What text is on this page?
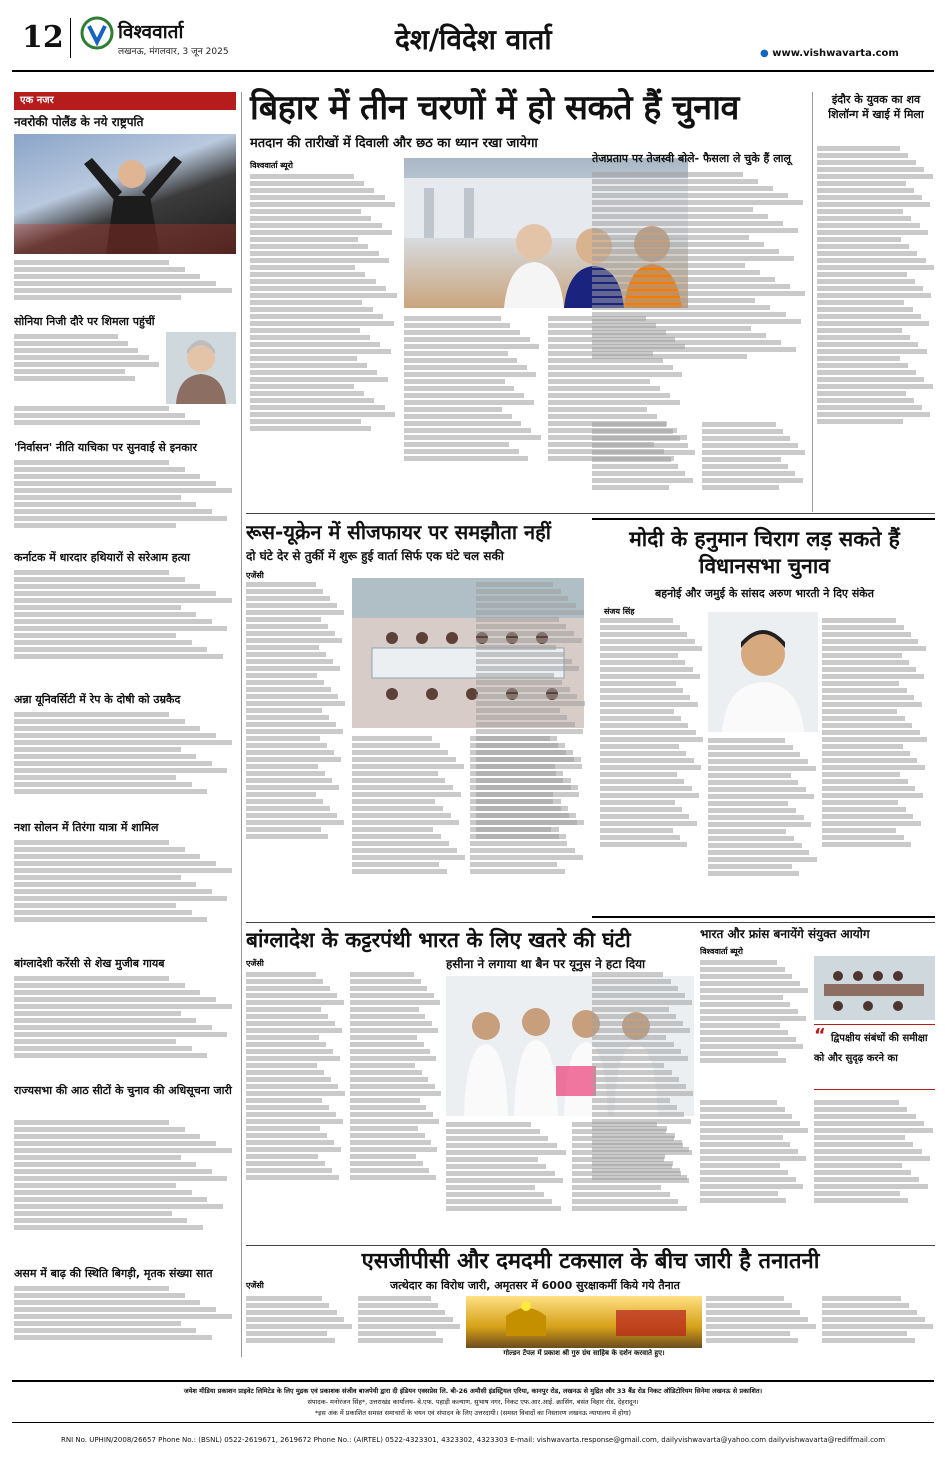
12	विश्ववार्ता
लखनऊ, मंगलवार, 3 जून 2025	देश/विदेश वार्ता	● www.vishwavarta.com
एक नजर
नवरोकी पोलैंड के नये राष्ट्रपति
सोनिया निजी दौरे पर शिमला पहुंचीं
'निर्वासन' नीति याचिका पर सुनवाई से इनकार
कर्नाटक में धारदार हथियारों से सरेआम हत्या
अन्ना यूनिवर्सिटी में रेप के दोषी को उम्रकैद
नशा सोलन में तिरंगा यात्रा में शामिल
बांग्लादेशी करेंसी से शेख मुजीब गायब
राज्यसभा की आठ सीटों के चुनाव की अधिसूचना जारी
असम में बाढ़ की स्थिति बिगड़ी, मृतक संख्या सात
बिहार में तीन चरणों में हो सकते हैं चुनाव
मतदान की तारीखों में दिवाली और छठ का ध्यान रखा जायेगा
विश्ववार्ता ब्यूरो
तेजप्रताप पर तेजस्वी बोले- फैसला ले चुके हैं लालू
इंदौर के युवक का शव शिलॉन्ग में खाई में मिला
रूस-यूक्रेन में सीजफायर पर समझौता नहीं
दो घंटे देर से तुर्की में शुरू हुई वार्ता सिर्फ एक घंटे चल सकी
एजेंसी
मोदी के हनुमान चिराग लड़ सकते हैं विधानसभा चुनाव
बहनोई और जमुई के सांसद अरुण भारती ने दिए संकेत
संजय सिंह
बांग्लादेश के कट्टरपंथी भारत के लिए खतरे की घंटी
हसीना ने लगाया था बैन पर यूनुस ने हटा दिया
एजेंसी
भारत और फ्रांस बनायेंगे संयुक्त आयोग
विश्ववार्ता ब्यूरो
“ द्विपक्षीय संबंधों की समीक्षा को और सुदृढ़ करने का
एसजीपीसी और दमदमी टकसाल के बीच जारी है तनातनी
जत्थेदार का विरोध जारी, अमृतसर में 6000 सुरक्षाकर्मी किये गये तैनात
एजेंसी
गोल्डन टेंपल में प्रकाश श्री गुरु ग्रंथ साहिब के दर्शन करवाते हुए।
जयेश मीडिया प्रकाशन प्राइवेट लिमिटेड के लिए मुद्रक एवं प्रकाशक संजीव बाजपेयी द्वारा दी इंडियन एक्सप्रेस लि. बी-26 अमौसी इंडस्ट्रियल एरिया, कानपुर रोड, लखनऊ से मुद्रित और 33 बैंड रोड निकट ऑडिटोरियम सिनेमा लखनऊ से प्रकाशित।
संपादक- मनोरंजन सिंह*, उत्तराखंड कार्यालय- बे.एफ. पहाड़ी कल्याण, सुभाष नगर, निकट एफ.आर.आई. क्रासिंग, बसंत विहार रोड, देहरादून।
*इस अंक में प्रकाशित समस्त समाचारों के चयन एवं संपादन के लिए उत्तरदायी। (समस्त विवादों का निस्तारण लखनऊ न्यायालय में होगा)
RNI No. UPHIN/2008/26657 Phone No.: (BSNL) 0522-2619671, 2619672 Phone No.: (AIRTEL) 0522-4323301, 4323302, 4323303 E-mail: vishwavarta.response@gmail.com, dailyvishwavarta@yahoo.com dailyvishwavarta@rediffmail.com
